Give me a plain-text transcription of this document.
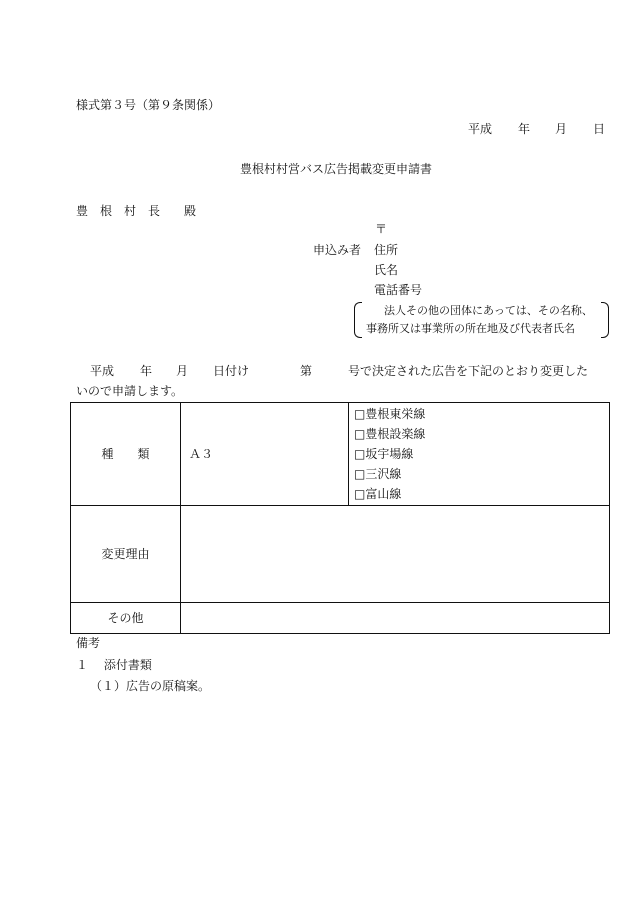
様式第３号（第９条関係）
平成 年 月 日
豊根村村営バス広告掲載変更申請書
豊　根　村　長　　殿
〒
申込み者 住所
氏名
電話番号
法人その他の団体にあっては、その名称、
事務所又は事業所の所在地及び代表者氏名
平成 年 月 日付け	第	号で決定された広告を下記のとおり変更した
いので申請します。
種　　類	Ａ３	□豊根東栄線
□豊根設楽線
□坂宇場線
□三沢線
□富山線

変更理由		
その他		
備考
１　 添付書類
（１）広告の原稿案。
